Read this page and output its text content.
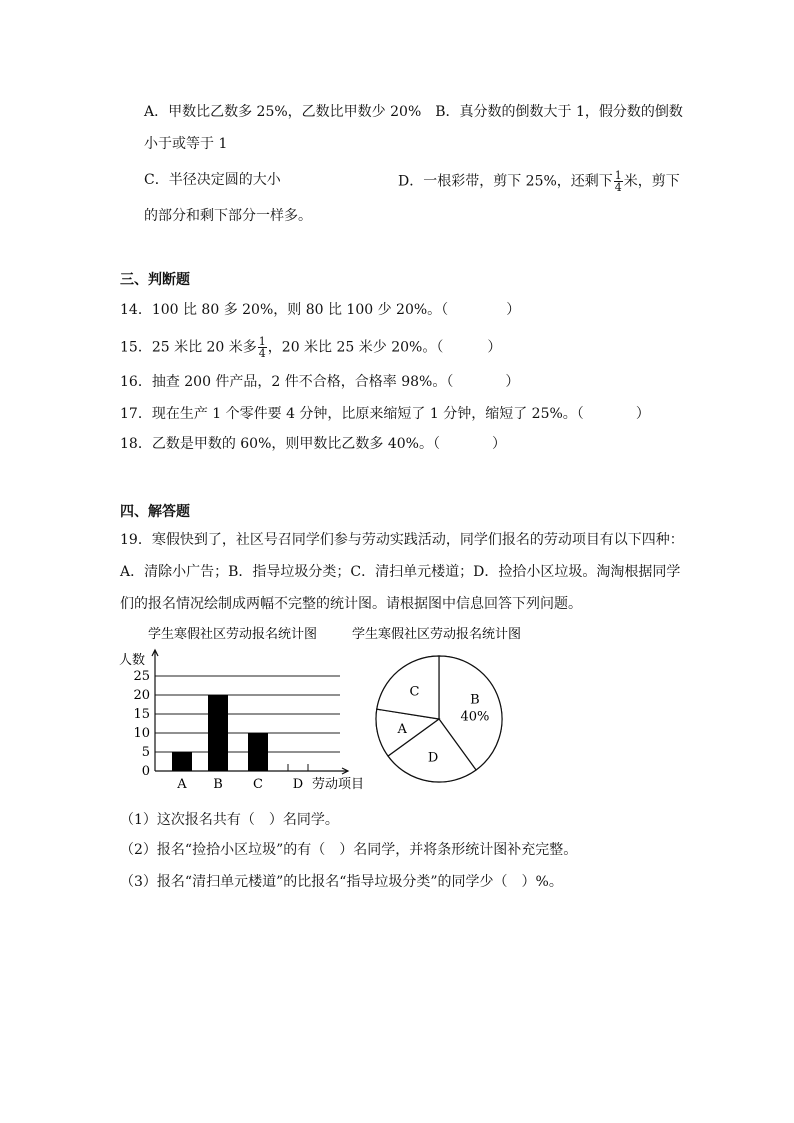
A．甲数比乙数多 25%，乙数比甲数少 20%　B．真分数的倒数大于 1，假分数的倒数
小于或等于 1
C．半径决定圆的大小	D．一根彩带，剪下 25%，还剩下 $\frac{1}{4}$ 米，剪下
的部分和剩下部分一样多。
三、判断题
14．100 比 80 多 20%，则 80 比 100 少 20%。（	）
15．25 米比 20 米多 $\frac{1}{4}$ ，20 米比 25 米少 20%。（	）
16．抽查 200 件产品，2 件不合格，合格率 98%。（	）
17．现在生产 1 个零件要 4 分钟，比原来缩短了 1 分钟，缩短了 25%。（	）
18．乙数是甲数的 60%，则甲数比乙数多 40%。（	）
四、解答题
19．寒假快到了，社区号召同学们参与劳动实践活动，同学们报名的劳动项目有以下四种：
A．清除小广告；B．指导垃圾分类；C．清扫单元楼道；D．捡拾小区垃圾。淘淘根据同学
们的报名情况绘制成两幅不完整的统计图。请根据图中信息回答下列问题。
学生寒假社区劳动报名统计图
0
5
10
15
20
25
A B C D
人数
劳动项目
学生寒假社区劳动报名统计图
B
40%
D
A
C
（1）这次报名共有（　）名同学。
（2）报名“捡拾小区垃圾”的有（　）名同学，并将条形统计图补充完整。
（3）报名“清扫单元楼道”的比报名“指导垃圾分类”的同学少（　）%。
